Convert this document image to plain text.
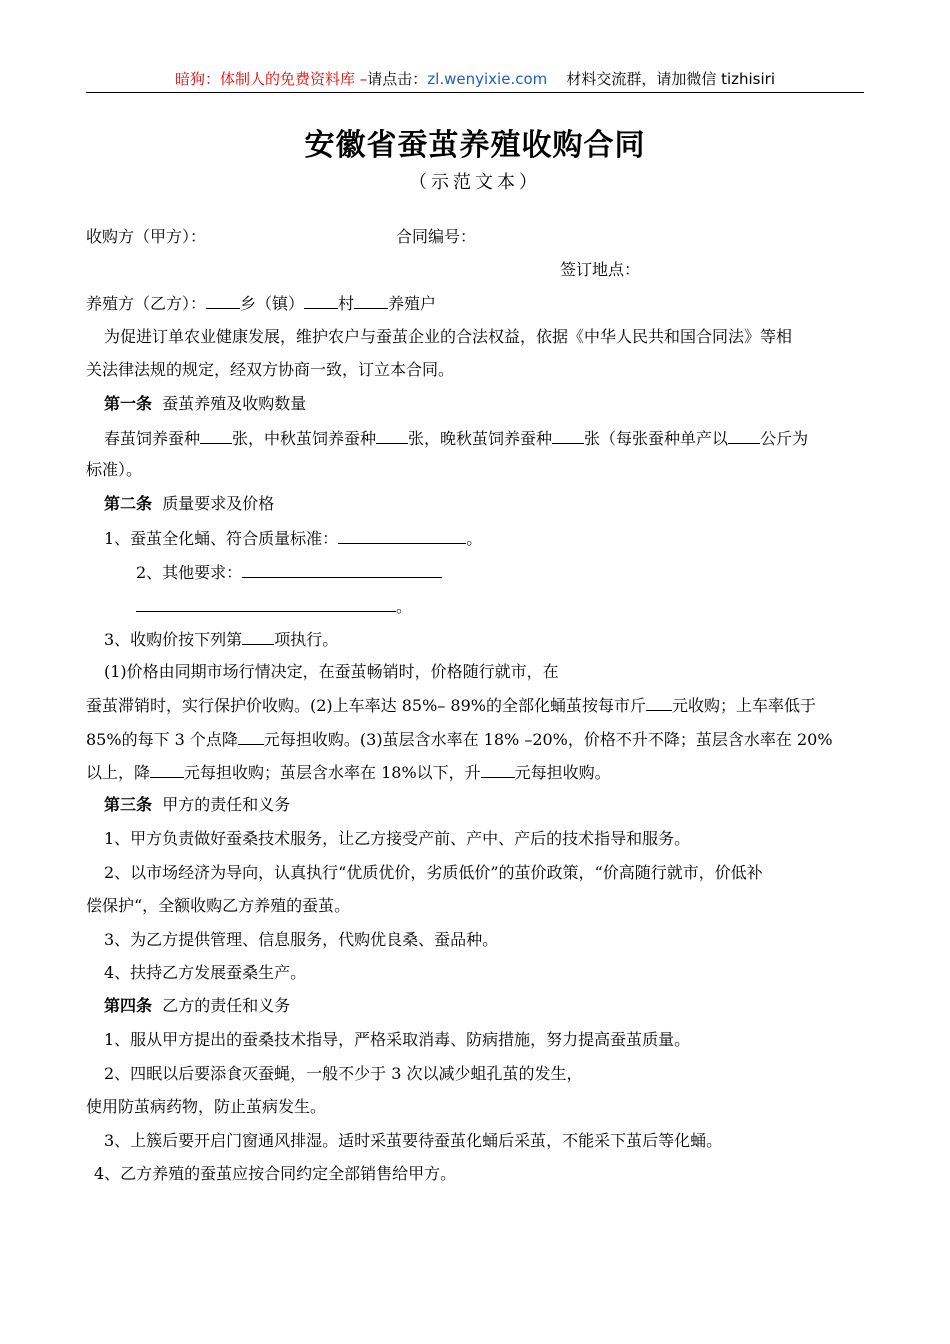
暗狗：体制人的免费资料库 –请点击：zl.wenyixie.com 材料交流群，请加微信 tizhisiri
安徽省蚕茧养殖收购合同
（示范文本）
收购方（甲方）：	合同编号：
签订地点：
养殖方（乙方）： 乡（镇） 村 养殖户
为促进订单农业健康发展，维护农户与蚕茧企业的合法权益，依据《中华人民共和国合同法》等相
关法律法规的规定，经双方协商一致，订立本合同。
第一条 蚕茧养殖及收购数量
春茧饲养蚕种 张，中秋茧饲养蚕种 张，晚秋茧饲养蚕种 张（每张蚕种单产以 公斤为
标准）。
第二条 质量要求及价格
1、蚕茧全化蛹、符合质量标准：	。
2、其他要求：
。
3、收购价按下列第 项执行。
(1)价格由同期市场行情决定，在蚕茧畅销时，价格随行就市，在
蚕茧滞销时，实行保护价收购。(2)上车率达 85%– 89%的全部化蛹茧按每市斤 元收购；上车率低于
85%的每下 3 个点降 元每担收购。(3)茧层含水率在 18% –20%，价格不升不降；茧层含水率在 20%
以上，降 元每担收购；茧层含水率在 18%以下，升 元每担收购。
第三条 甲方的责任和义务
1、甲方负责做好蚕桑技术服务，让乙方接受产前、产中、产后的技术指导和服务。
2、以市场经济为导向，认真执行“优质优价，劣质低价”的茧价政策，“价高随行就市，价低补
偿保护“，全额收购乙方养殖的蚕茧。
3、为乙方提供管理、信息服务，代购优良桑、蚕品种。
4、扶持乙方发展蚕桑生产。
第四条 乙方的责任和义务
1、服从甲方提出的蚕桑技术指导，严格采取消毒、防病措施，努力提高蚕茧质量。
2、四眠以后要添食灭蚕蝇，一般不少于 3 次以减少蛆孔茧的发生，
使用防茧病药物，防止茧病发生。
3、上簇后要开启门窗通风排湿。适时采茧要待蚕茧化蛹后采茧，不能采下茧后等化蛹。
4、乙方养殖的蚕茧应按合同约定全部销售给甲方。
